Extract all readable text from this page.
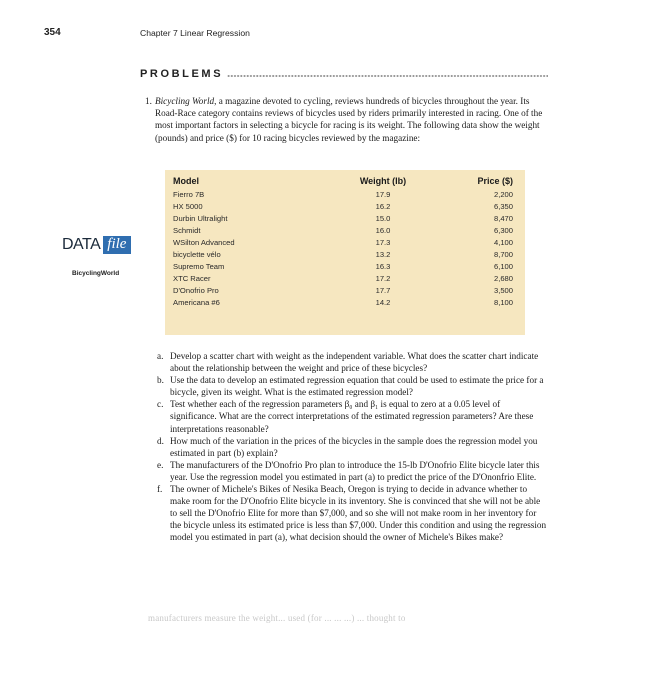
354	Chapter 7 Linear Regression
PROBLEMS
1. Bicycling World, a magazine devoted to cycling, reviews hundreds of bicycles throughout the year. Its Road-Race category contains reviews of bicycles used by riders primarily interested in racing. One of the most important factors in selecting a bicycle for racing is its weight. The following data show the weight (pounds) and price ($) for 10 racing bicycles reviewed by the magazine:
DATA file
BicyclingWorld
Model	Weight (lb)	Price ($)
Fierro 7B	17.9	2,200
HX 5000	16.2	6,350
Durbin Ultralight	15.0	8,470
Schmidt	16.0	6,300
WSilton Advanced	17.3	4,100
bicyclette vélo	13.2	8,700
Supremo Team	16.3	6,100
XTC Racer	17.2	2,680
D'Onofrio Pro	17.7	3,500
Americana #6	14.2	8,100
a. Develop a scatter chart with weight as the independent variable. What does the scatter chart indicate about the relationship between the weight and price of these bicycles?
b. Use the data to develop an estimated regression equation that could be used to estimate the price for a bicycle, given its weight. What is the estimated regression model?
c. Test whether each of the regression parameters β₀ and β₁ is equal to zero at a 0.05 level of significance. What are the correct interpretations of the estimated regression parameters? Are these interpretations reasonable?
d. How much of the variation in the prices of the bicycles in the sample does the regression model you estimated in part (b) explain?
e. The manufacturers of the D'Onofrio Pro plan to introduce the 15-lb D'Onofrio Elite bicycle later this year. Use the regression model you estimated in part (a) to predict the price of the D'Ononfrio Elite.
f. The owner of Michele's Bikes of Nesika Beach, Oregon is trying to decide in advance whether to make room for the D'Onofrio Elite bicycle in its inventory. She is convinced that she will not be able to sell the D'Onofrio Elite for more than $7,000, and so she will not make room in her inventory for the bicycle unless its estimated price is less than $7,000. Under this condition and using the regression model you estimated in part (a), what decision should the owner of Michele's Bikes make?
manufacturers measure the weight... used (for ... ... ...) ... thought to
